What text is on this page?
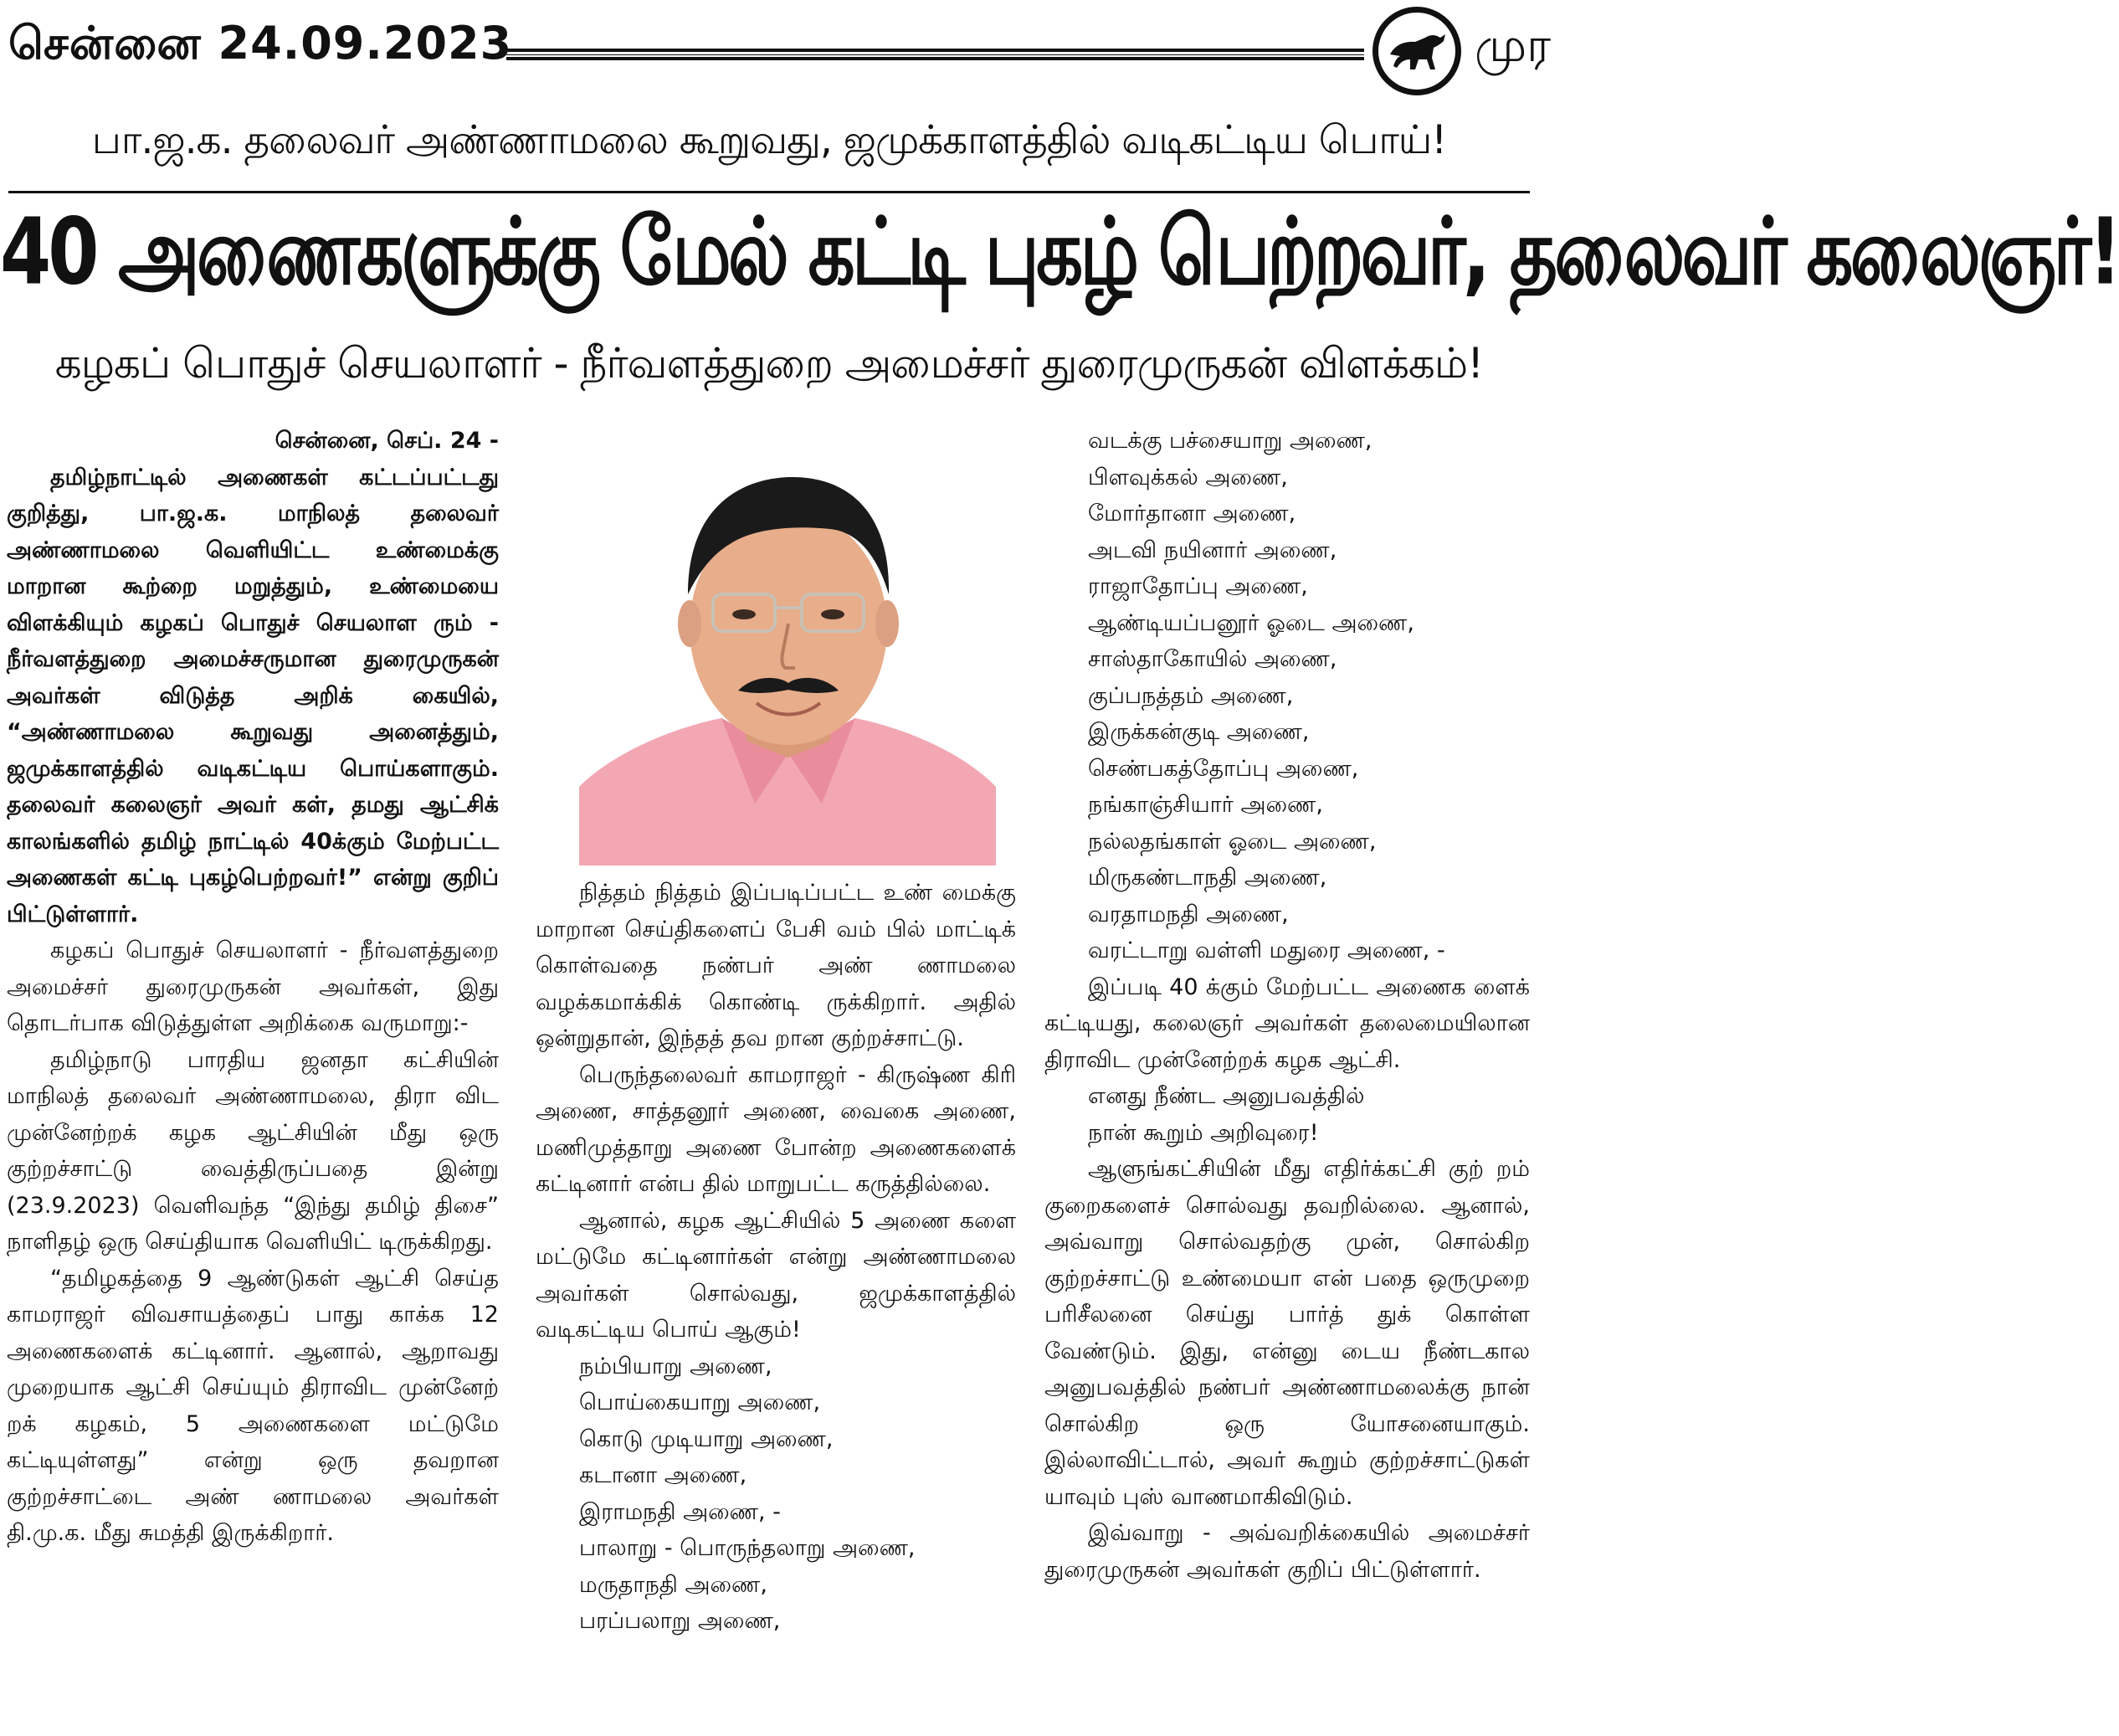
சென்னை 24.09.2023	முர
பா.ஜ.க. தலைவர் அண்ணாமலை கூறுவது, ஜமுக்காளத்தில் வடிகட்டிய பொய்!
40 அணைகளுக்கு மேல் கட்டி புகழ் பெற்றவர், தலைவர் கலைஞர்!
கழகப் பொதுச் செயலாளர் - நீர்வளத்துறை அமைச்சர் துரைமுருகன் விளக்கம்!

சென்னை, செப். 24 -

தமிழ்நாட்டில் அணைகள் கட்டப்பட்டது குறித்து, பா.ஜ.க. மாநிலத் தலைவர் அண்ணாமலை வெளியிட்ட உண்மைக்கு மாறான கூற்றை மறுத்தும், உண்மையை விளக்கியும் கழகப் பொதுச் செயலாள ரும் - நீர்வளத்துறை அமைச்சருமான துரைமுருகன் அவர்கள் விடுத்த அறிக் கையில், “அண்ணாமலை கூறுவது அனைத்தும், ஜமுக்காளத்தில் வடிகட்டிய பொய்களாகும். தலைவர் கலைஞர் அவர் கள், தமது ஆட்சிக் காலங்களில் தமிழ் நாட்டில் 40க்கும் மேற்பட்ட அணைகள் கட்டி புகழ்பெற்றவர்!” என்று குறிப் பிட்டுள்ளார்.

கழகப் பொதுச் செயலாளர் - நீர்வளத்துறை அமைச்சர் துரைமுருகன் அவர்கள், இது தொடர்பாக விடுத்துள்ள அறிக்கை வருமாறு:-

தமிழ்நாடு பாரதிய ஜனதா கட்சியின் மாநிலத் தலைவர் அண்ணாமலை, திரா விட முன்னேற்றக் கழக ஆட்சியின் மீது ஒரு குற்றச்சாட்டு வைத்திருப்பதை இன்று (23.9.2023) வெளிவந்த “இந்து தமிழ் திசை” நாளிதழ் ஒரு செய்தியாக வெளியிட் டிருக்கிறது.

“தமிழகத்தை 9 ஆண்டுகள் ஆட்சி செய்த காமராஜர் விவசாயத்தைப் பாது காக்க 12 அணைகளைக் கட்டினார். ஆனால், ஆறாவது முறையாக ஆட்சி செய்யும் திராவிட முன்னேற் றக் கழகம், 5 அணைகளை மட்டுமே கட்டியுள்ளது” என்று ஒரு தவறான குற்றச்சாட்டை அண் ணாமலை அவர்கள் தி.மு.க. மீது சுமத்தி இருக்கிறார்.

நித்தம் நித்தம் இப்படிப்பட்ட உண் மைக்கு மாறான செய்திகளைப் பேசி வம் பில் மாட்டிக் கொள்வதை நண்பர் அண் ணாமலை வழக்கமாக்கிக் கொண்டி ருக்கிறார். அதில் ஒன்றுதான், இந்தத் தவ றான குற்றச்சாட்டு.

பெருந்தலைவர் காமராஜர் - கிருஷ்ண கிரி அணை, சாத்தனூர் அணை, வைகை அணை, மணிமுத்தாறு அணை போன்ற அணைகளைக் கட்டினார் என்ப தில் மாறுபட்ட கருத்தில்லை.

ஆனால், கழக ஆட்சியில் 5 அணை களை மட்டுமே கட்டினார்கள் என்று அண்ணாமலை அவர்கள் சொல்வது, ஜமுக்காளத்தில் வடிகட்டிய பொய் ஆகும்!

நம்பியாறு அணை,

பொய்கையாறு அணை,

கொடு முடியாறு அணை,

கடானா அணை,

இராமநதி அணை, -

பாலாறு - பொருந்தலாறு அணை,

மருதாநதி அணை,

பரப்பலாறு அணை,

வடக்கு பச்சையாறு அணை,

பிளவுக்கல் அணை,

மோர்தானா அணை,

அடவி நயினார் அணை,

ராஜாதோப்பு அணை,

ஆண்டியப்பனூர் ஓடை அணை,

சாஸ்தாகோயில் அணை,

குப்பநத்தம் அணை,

இருக்கன்குடி அணை,

செண்பகத்தோப்பு அணை,

நங்காஞ்சியார் அணை,

நல்லதங்காள் ஓடை அணை,

மிருகண்டாநதி அணை,

வரதாமநதி அணை,

வரட்டாறு வள்ளி மதுரை அணை, -

இப்படி 40 க்கும் மேற்பட்ட அணைக ளைக் கட்டியது, கலைஞர் அவர்கள் தலைமையிலான திராவிட முன்னேற்றக் கழக ஆட்சி.

எனது நீண்ட அனுபவத்தில்

நான் கூறும் அறிவுரை!

ஆளுங்கட்சியின் மீது எதிர்க்கட்சி குற் றம் குறைகளைச் சொல்வது தவறில்லை. ஆனால், அவ்வாறு சொல்வதற்கு முன், சொல்கிற குற்றச்சாட்டு உண்மையா என் பதை ஒருமுறை பரிசீலனை செய்து பார்த் துக் கொள்ள வேண்டும். இது, என்னு டைய நீண்டகால அனுபவத்தில் நண்பர் அண்ணாமலைக்கு நான் சொல்கிற ஒரு யோசனையாகும். இல்லாவிட்டால், அவர் கூறும் குற்றச்சாட்டுகள் யாவும் புஸ் வாணமாகிவிடும்.

இவ்வாறு - அவ்வறிக்கையில் அமைச்சர் துரைமுருகன் அவர்கள் குறிப் பிட்டுள்ளார்.
